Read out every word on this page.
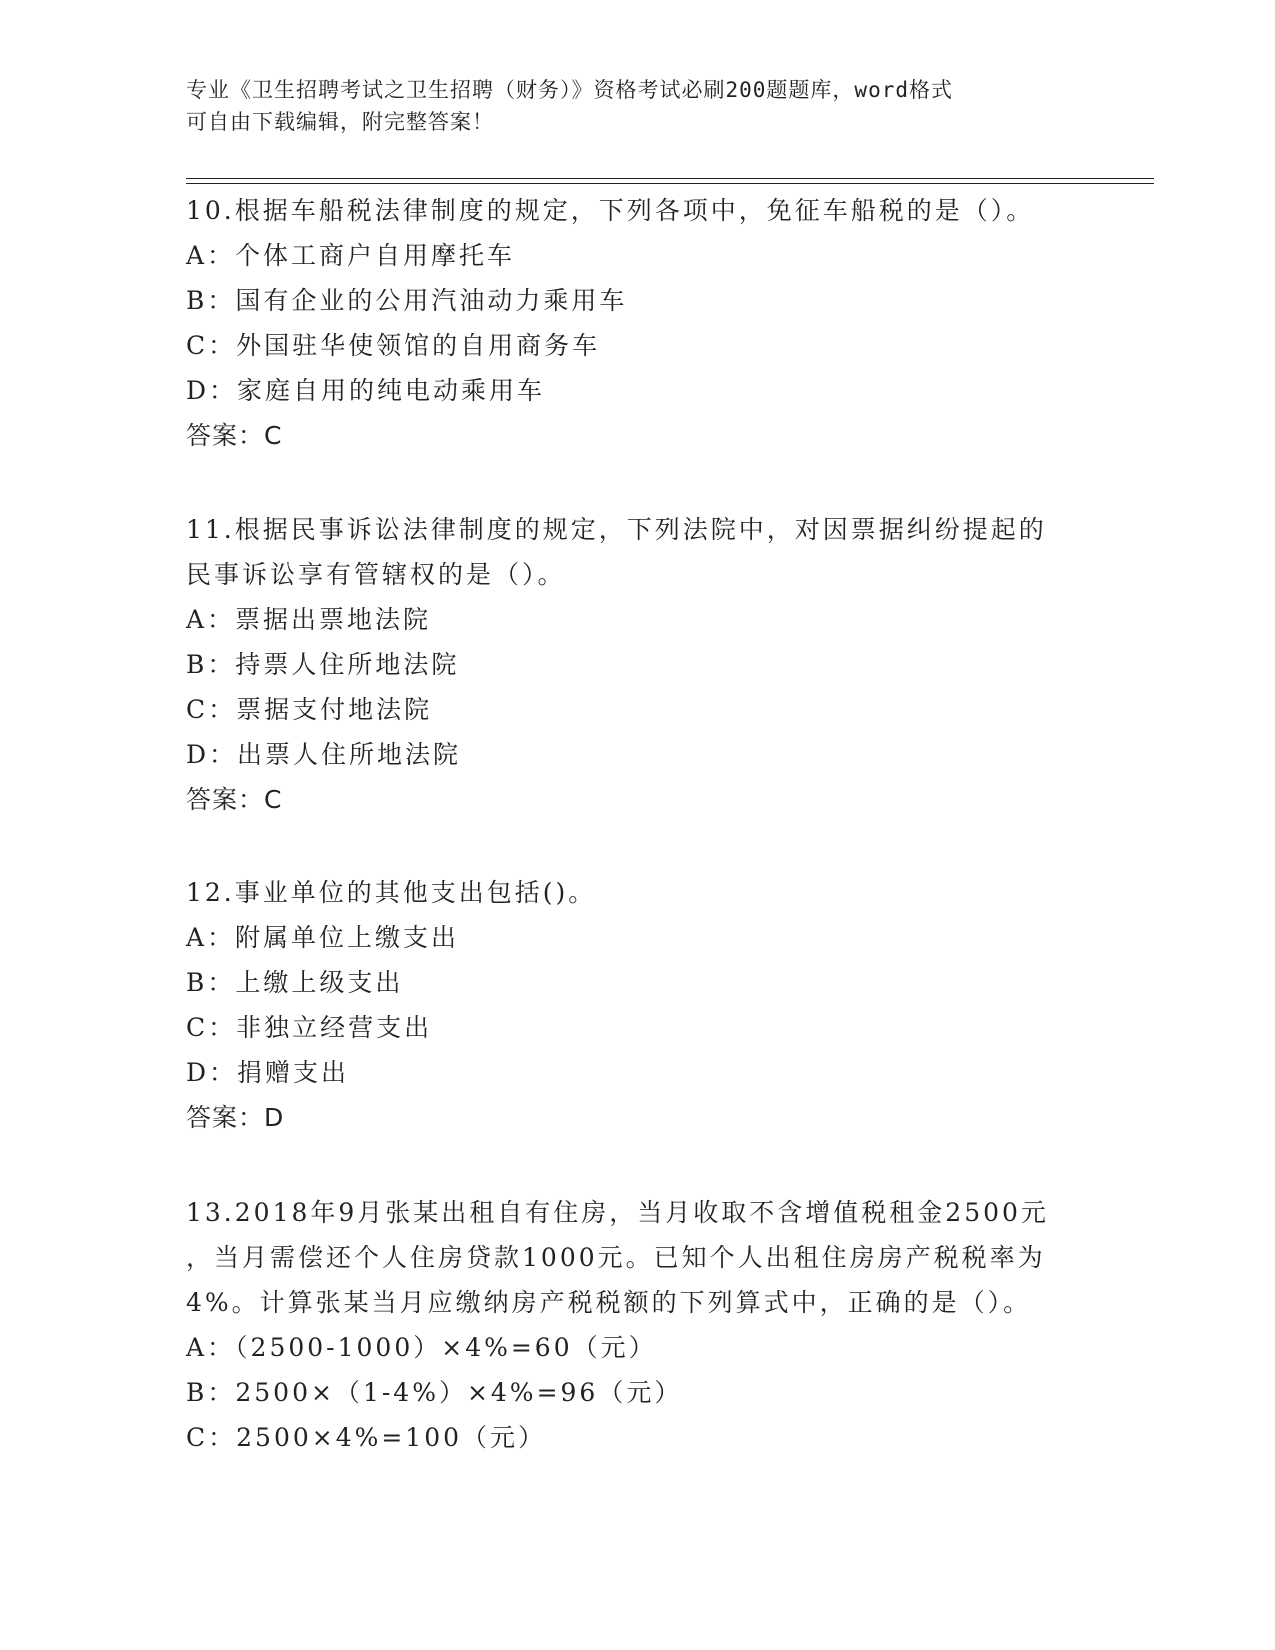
专业《卫生招聘考试之卫生招聘（财务）》资格考试必刷200题题库，word格式
可自由下载编辑，附完整答案！
10.根据车船税法律制度的规定，下列各项中，免征车船税的是（）。
A：个体工商户自用摩托车
B：国有企业的公用汽油动力乘用车
C：外国驻华使领馆的自用商务车
D：家庭自用的纯电动乘用车
答案：C
11.根据民事诉讼法律制度的规定，下列法院中，对因票据纠纷提起的
民事诉讼享有管辖权的是（）。
A：票据出票地法院
B：持票人住所地法院
C：票据支付地法院
D：出票人住所地法院
答案：C
12.事业单位的其他支出包括()。
A：附属单位上缴支出
B：上缴上级支出
C：非独立经营支出
D：捐赠支出
答案：D
13.2018年9月张某出租自有住房，当月收取不含增值税租金2500元
，当月需偿还个人住房贷款1000元。已知个人出租住房房产税税率为
4%。计算张某当月应缴纳房产税税额的下列算式中，正确的是（）。
A：（2500-1000）×4%=60（元）
B：2500×（1-4%）×4%=96（元）
C：2500×4%=100（元）
